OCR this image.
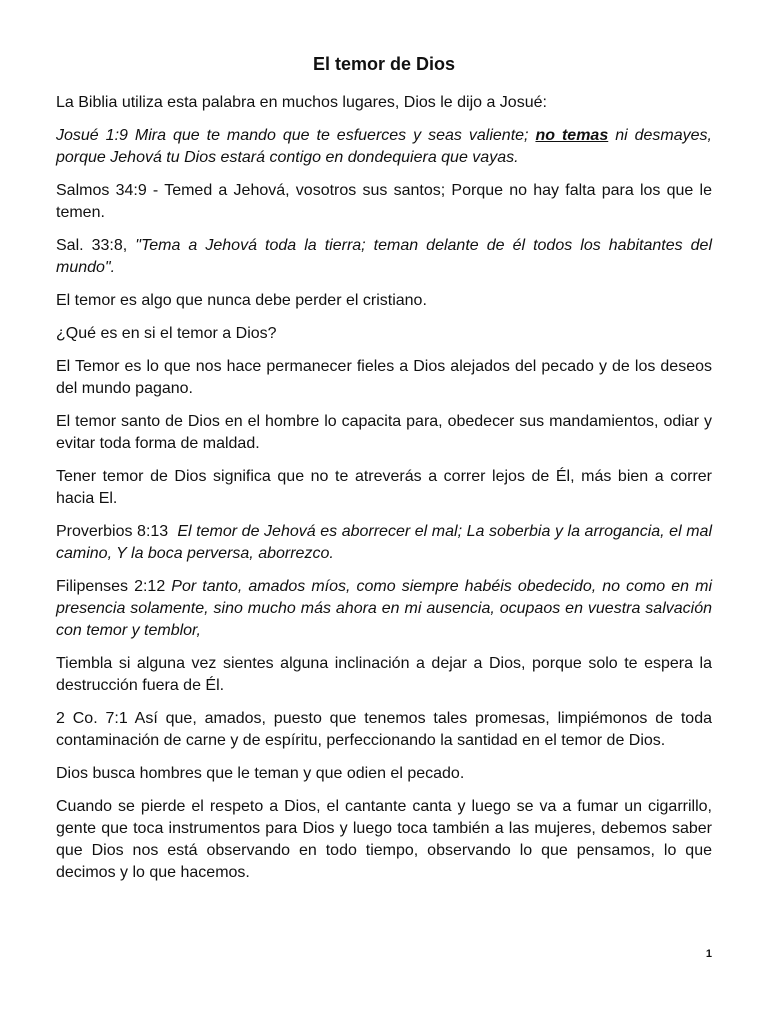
El temor de Dios

La Biblia utiliza esta palabra en muchos lugares, Dios le dijo a Josué:

Josué 1:9 Mira que te mando que te esfuerces y seas valiente; no temas ni desmayes, porque Jehová tu Dios estará contigo en dondequiera que vayas.

Salmos 34:9 - Temed a Jehová, vosotros sus santos; Porque no hay falta para los que le temen.

Sal. 33:8, "Tema a Jehová toda la tierra; teman delante de él todos los habitantes del mundo".

El temor es algo que nunca debe perder el cristiano.

¿Qué es en si el temor a Dios?

El Temor es lo que nos hace permanecer fieles a Dios alejados del pecado y de los deseos del mundo pagano.

El temor santo de Dios en el hombre lo capacita para, obedecer sus mandamientos, odiar y evitar toda forma de maldad.

Tener temor de Dios significa que no te atreverás a correr lejos de Él, más bien a correr hacia El.

Proverbios 8:13  El temor de Jehová es aborrecer el mal; La soberbia y la arrogancia, el mal camino, Y la boca perversa, aborrezco.

Filipenses 2:12 Por tanto, amados míos, como siempre habéis obedecido, no como en mi presencia solamente, sino mucho más ahora en mi ausencia, ocupaos en vuestra salvación con temor y temblor,

Tiembla si alguna vez sientes alguna inclinación a dejar a Dios, porque solo te espera la destrucción fuera de Él.

2 Co. 7:1 Así que, amados, puesto que tenemos tales promesas, limpiémonos de toda contaminación de carne y de espíritu, perfeccionando la santidad en el temor de Dios.

Dios busca hombres que le teman y que odien el pecado.

Cuando se pierde el respeto a Dios, el cantante canta y luego se va a fumar un cigarrillo, gente que toca instrumentos para Dios y luego toca también a las mujeres, debemos saber que Dios nos está observando en todo tiempo, observando lo que pensamos, lo que decimos y lo que hacemos.

1
